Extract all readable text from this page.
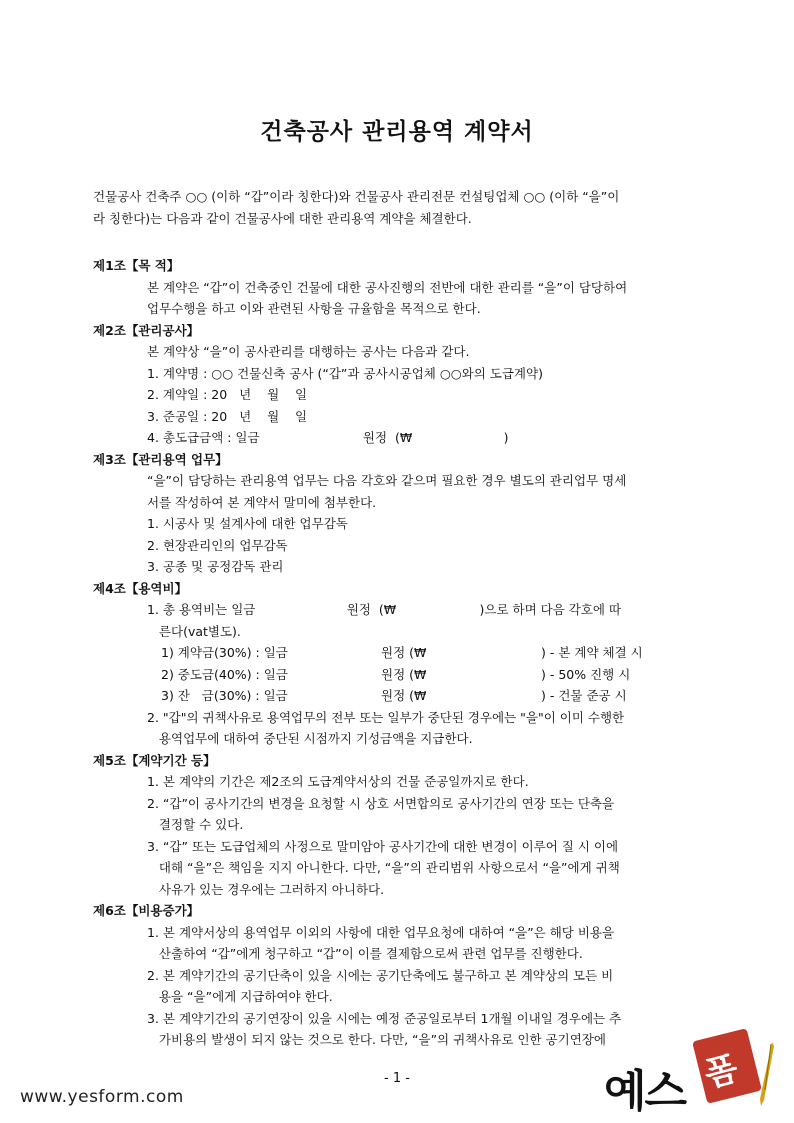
건축공사 관리용역 계약서
건물공사 건축주 ○○ (이하 “갑”이라 칭한다)와 건물공사 관리전문 컨설팅업체 ○○ (이하 “을”이
라 칭한다)는 다음과 같이 건물공사에 대한 관리용역 계약을 체결한다.
제1조【목 적】
본 계약은 “갑”이 건축중인 건물에 대한 공사진행의 전반에 대한 관리를 “을”이 담당하여
업무수행을 하고 이와 관련된 사항을 규율함을 목적으로 한다.
제2조【관리공사】
본 계약상 “을”이 공사관리를 대행하는 공사는 다음과 같다.
1. 계약명 : ○○ 건물신축 공사 (“갑”과 공사시공업체 ○○와의 도급계약)
2. 계약일 : 20   년    월    일
3. 준공일 : 20   년    월    일
4. 총도급금액 : 일금                          원정  (₩                       )
제3조【관리용역 업무】
“을”이 담당하는 관리용역 업무는 다음 각호와 같으며 필요한 경우 별도의 관리업무 명세
서를 작성하여 본 계약서 말미에 첨부한다.
1. 시공사 및 설계사에 대한 업무감독
2. 현장관리인의 업무감독
3. 공종 및 공정감독 관리
제4조【용역비】
1. 총 용역비는 일금                       원정  (₩                     )으로 하며 다음 각호에 따
른다(vat별도).
1) 계약금(30%) : 일금	원정 (₩	) - 본 계약 체결 시
2) 중도금(40%) : 일금	원정 (₩	) - 50% 진행 시
3) 잔   금(30%) : 일금	원정 (₩	) - 건물 준공 시
2. "갑"의 귀책사유로 용역업무의 전부 또는 일부가 중단된 경우에는 "을"이 이미 수행한
용역업무에 대하여 중단된 시점까지 기성금액을 지급한다.
제5조【계약기간 등】
1. 본 계약의 기간은 제2조의 도급계약서상의 건물 준공일까지로 한다.
2. “갑”이 공사기간의 변경을 요청할 시 상호 서면합의로 공사기간의 연장 또는 단축을
결정할 수 있다.
3. “갑” 또는 도급업체의 사정으로 말미암아 공사기간에 대한 변경이 이루어 질 시 이에
대해 “을”은 책임을 지지 아니한다. 다만, “을”의 관리범위 사항으로서 “을”에게 귀책
사유가 있는 경우에는 그러하지 아니하다.
제6조【비용증가】
1. 본 계약서상의 용역업무 이외의 사항에 대한 업무요청에 대하여 “을”은 해당 비용을
산출하여 “갑”에게 청구하고 “갑”이 이를 결제함으로써 관련 업무를 진행한다.
2. 본 계약기간의 공기단축이 있을 시에는 공기단축에도 불구하고 본 계약상의 모든 비
용을 “을”에게 지급하여야 한다.
3. 본 계약기간의 공기연장이 있을 시에는 예정 준공일로부터 1개월 이내일 경우에는 추
가비용의 발생이 되지 않는 것으로 한다. 다만, “을”의 귀책사유로 인한 공기연장에
- 1 -
www.yesform.com	예스 폼
